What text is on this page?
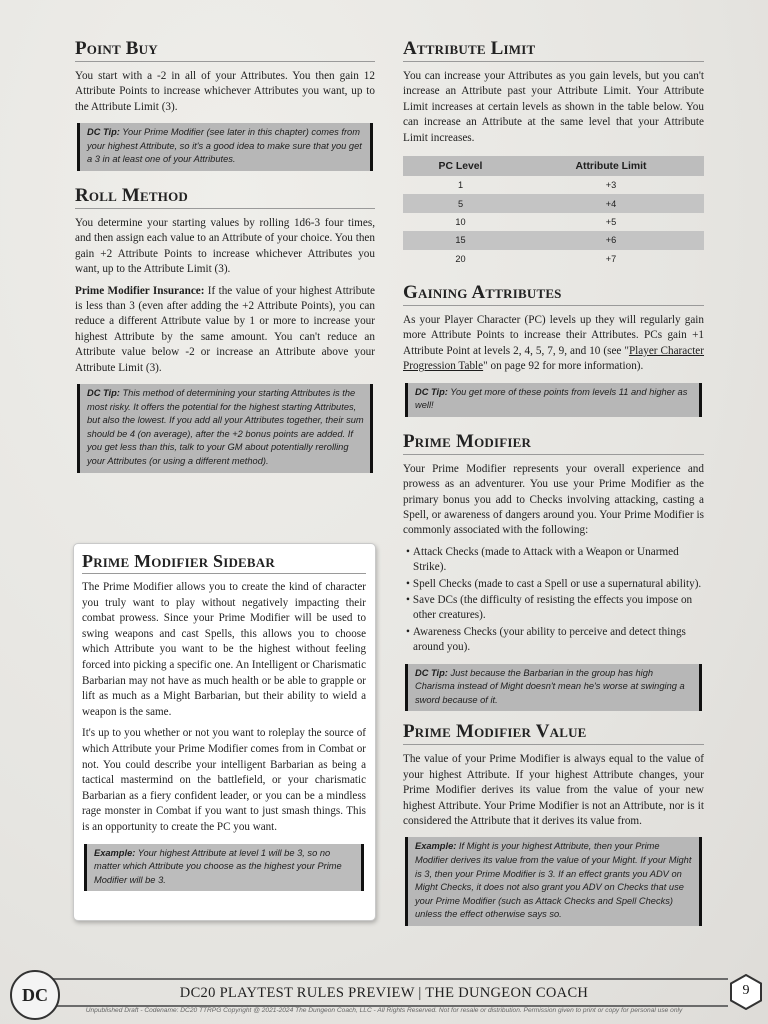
Point Buy

You start with a -2 in all of your Attributes. You then gain 12 Attribute Points to increase whichever Attributes you want, up to the Attribute Limit (3).

DC Tip: Your Prime Modifier (see later in this chapter) comes from your highest Attribute, so it's a good idea to make sure that you get a 3 in at least one of your Attributes.
Roll Method

You determine your starting values by rolling 1d6-3 four times, and then assign each value to an Attribute of your choice. You then gain +2 Attribute Points to increase whichever Attributes you want, up to the Attribute Limit (3).

Prime Modifier Insurance: If the value of your highest Attribute is less than 3 (even after adding the +2 Attribute Points), you can reduce a different Attribute value by 1 or more to increase your highest Attribute by the same amount. You can't reduce an Attribute value below -2 or increase an Attribute above your Attribute Limit (3).

DC Tip: This method of determining your starting Attributes is the most risky. It offers the potential for the highest starting Attributes, but also the lowest. If you add all your Attributes together, their sum should be 4 (on average), after the +2 bonus points are added. If you get less than this, talk to your GM about potentially rerolling your Attributes (or using a different method).
Prime Modifier Sidebar

The Prime Modifier allows you to create the kind of character you truly want to play without negatively impacting their combat prowess. Since your Prime Modifier will be used to swing weapons and cast Spells, this allows you to choose which Attribute you want to be the highest without feeling forced into picking a specific one. An Intelligent or Charismatic Barbarian may not have as much health or be able to grapple or lift as much as a Might Barbarian, but their ability to wield a weapon is the same.

It's up to you whether or not you want to roleplay the source of which Attribute your Prime Modifier comes from in Combat or not. You could describe your intelligent Barbarian as being a tactical mastermind on the battlefield, or your charismatic Barbarian as a fiery confident leader, or you can be a mindless rage monster in Combat if you want to just smash things. This is an opportunity to create the PC you want.

Example: Your highest Attribute at level 1 will be 3, so no matter which Attribute you choose as the highest your Prime Modifier will be 3.
Attribute Limit

You can increase your Attributes as you gain levels, but you can't increase an Attribute past your Attribute Limit. Your Attribute Limit increases at certain levels as shown in the table below. You can increase an Attribute at the same level that your Attribute Limit increases.

PC Level	Attribute Limit
1	+3
5	+4
10	+5
15	+6
20	+7
Gaining Attributes

As your Player Character (PC) levels up they will regularly gain more Attribute Points to increase their Attributes. PCs gain +1 Attribute Point at levels 2, 4, 5, 7, 9, and 10 (see "Player Character Progression Table" on page 92 for more information).

DC Tip: You get more of these points from levels 11 and higher as well!
Prime Modifier

Your Prime Modifier represents your overall experience and prowess as an adventurer. You use your Prime Modifier as the primary bonus you add to Checks involving attacking, casting a Spell, or awareness of dangers around you. Your Prime Modifier is commonly associated with the following:

• Attack Checks (made to Attack with a Weapon or Unarmed Strike).
• Spell Checks (made to cast a Spell or use a supernatural ability).
• Save DCs (the difficulty of resisting the effects you impose on other creatures).
• Awareness Checks (your ability to perceive and detect things around you).
DC Tip: Just because the Barbarian in the group has high Charisma instead of Might doesn't mean he's worse at swinging a sword because of it.
Prime Modifier Value

The value of your Prime Modifier is always equal to the value of your highest Attribute. If your highest Attribute changes, your Prime Modifier derives its value from the value of your new highest Attribute. Your Prime Modifier is not an Attribute, nor is it considered the Attribute that it derives its value from.

Example: If Might is your highest Attribute, then your Prime Modifier derives its value from the value of your Might. If your Might is 3, then your Prime Modifier is 3. If an effect grants you ADV on Might Checks, it does not also grant you ADV on Checks that use your Prime Modifier (such as Attack Checks and Spell Checks) unless the effect otherwise says so.
DC	DC20 PLAYTEST RULES PREVIEW | THE DUNGEON COACH	9
Unpublished Draft - Codename: DC20 TTRPG Copyright @ 2021-2024 The Dungeon Coach, LLC - All Rights Reserved. Not for resale or distribution. Permission given to print or copy for personal use only
